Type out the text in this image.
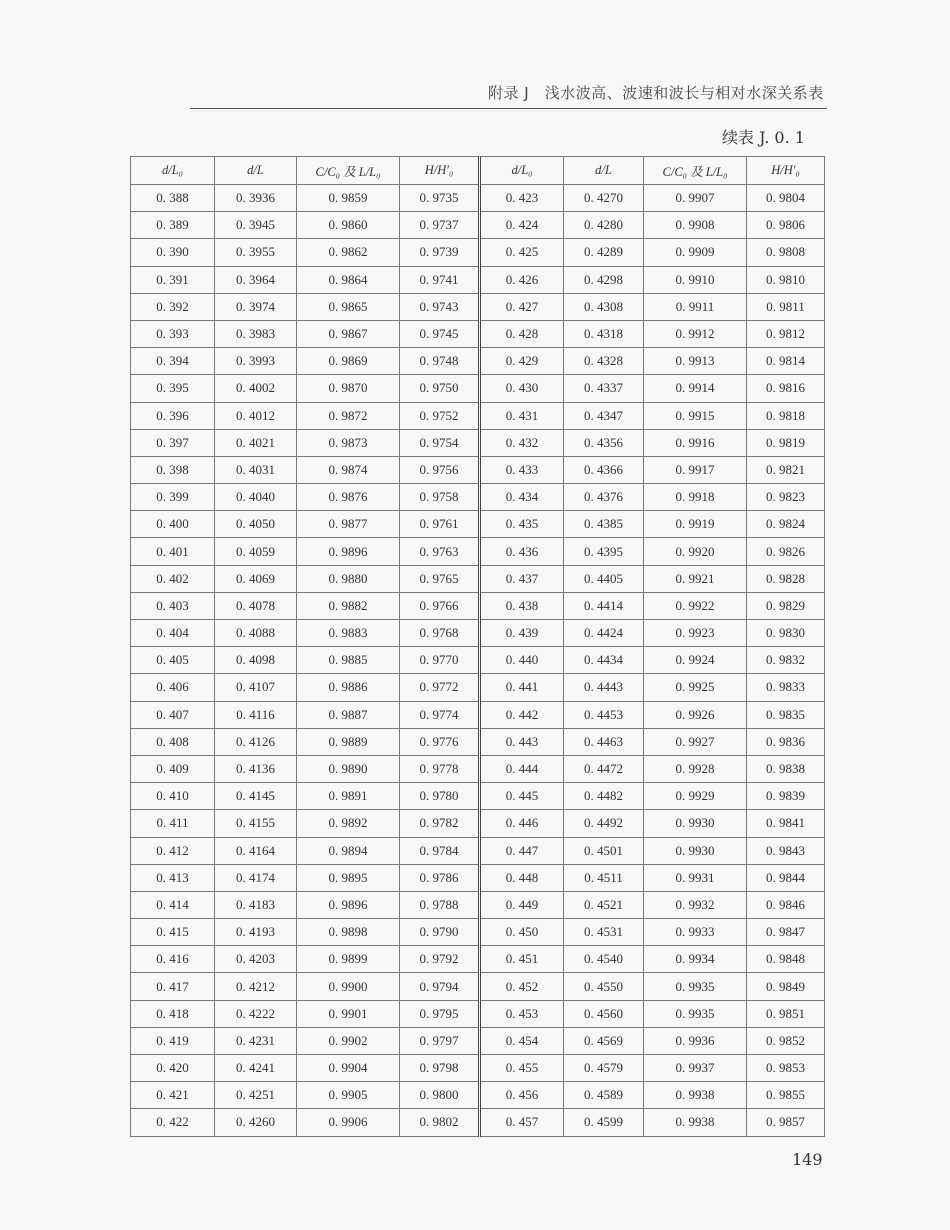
附录 J　浅水波高、波速和波长与相对水深关系表
续表 J. 0. 1
d/L₀	d/L	C/C₀ 及 L/L₀	H/H′₀	d/L₀	d/L	C/C₀ 及 L/L₀	H/H′₀
0. 388	0. 3936	0. 9859	0. 9735	0. 423	0. 4270	0. 9907	0. 9804
0. 389	0. 3945	0. 9860	0. 9737	0. 424	0. 4280	0. 9908	0. 9806
0. 390	0. 3955	0. 9862	0. 9739	0. 425	0. 4289	0. 9909	0. 9808
0. 391	0. 3964	0. 9864	0. 9741	0. 426	0. 4298	0. 9910	0. 9810
0. 392	0. 3974	0. 9865	0. 9743	0. 427	0. 4308	0. 9911	0. 9811
0. 393	0. 3983	0. 9867	0. 9745	0. 428	0. 4318	0. 9912	0. 9812
0. 394	0. 3993	0. 9869	0. 9748	0. 429	0. 4328	0. 9913	0. 9814
0. 395	0. 4002	0. 9870	0. 9750	0. 430	0. 4337	0. 9914	0. 9816
0. 396	0. 4012	0. 9872	0. 9752	0. 431	0. 4347	0. 9915	0. 9818
0. 397	0. 4021	0. 9873	0. 9754	0. 432	0. 4356	0. 9916	0. 9819
0. 398	0. 4031	0. 9874	0. 9756	0. 433	0. 4366	0. 9917	0. 9821
0. 399	0. 4040	0. 9876	0. 9758	0. 434	0. 4376	0. 9918	0. 9823
0. 400	0. 4050	0. 9877	0. 9761	0. 435	0. 4385	0. 9919	0. 9824
0. 401	0. 4059	0. 9896	0. 9763	0. 436	0. 4395	0. 9920	0. 9826
0. 402	0. 4069	0. 9880	0. 9765	0. 437	0. 4405	0. 9921	0. 9828
0. 403	0. 4078	0. 9882	0. 9766	0. 438	0. 4414	0. 9922	0. 9829
0. 404	0. 4088	0. 9883	0. 9768	0. 439	0. 4424	0. 9923	0. 9830
0. 405	0. 4098	0. 9885	0. 9770	0. 440	0. 4434	0. 9924	0. 9832
0. 406	0. 4107	0. 9886	0. 9772	0. 441	0. 4443	0. 9925	0. 9833
0. 407	0. 4116	0. 9887	0. 9774	0. 442	0. 4453	0. 9926	0. 9835
0. 408	0. 4126	0. 9889	0. 9776	0. 443	0. 4463	0. 9927	0. 9836
0. 409	0. 4136	0. 9890	0. 9778	0. 444	0. 4472	0. 9928	0. 9838
0. 410	0. 4145	0. 9891	0. 9780	0. 445	0. 4482	0. 9929	0. 9839
0. 411	0. 4155	0. 9892	0. 9782	0. 446	0. 4492	0. 9930	0. 9841
0. 412	0. 4164	0. 9894	0. 9784	0. 447	0. 4501	0. 9930	0. 9843
0. 413	0. 4174	0. 9895	0. 9786	0. 448	0. 4511	0. 9931	0. 9844
0. 414	0. 4183	0. 9896	0. 9788	0. 449	0. 4521	0. 9932	0. 9846
0. 415	0. 4193	0. 9898	0. 9790	0. 450	0. 4531	0. 9933	0. 9847
0. 416	0. 4203	0. 9899	0. 9792	0. 451	0. 4540	0. 9934	0. 9848
0. 417	0. 4212	0. 9900	0. 9794	0. 452	0. 4550	0. 9935	0. 9849
0. 418	0. 4222	0. 9901	0. 9795	0. 453	0. 4560	0. 9935	0. 9851
0. 419	0. 4231	0. 9902	0. 9797	0. 454	0. 4569	0. 9936	0. 9852
0. 420	0. 4241	0. 9904	0. 9798	0. 455	0. 4579	0. 9937	0. 9853
0. 421	0. 4251	0. 9905	0. 9800	0. 456	0. 4589	0. 9938	0. 9855
0. 422	0. 4260	0. 9906	0. 9802	0. 457	0. 4599	0. 9938	0. 9857
149
